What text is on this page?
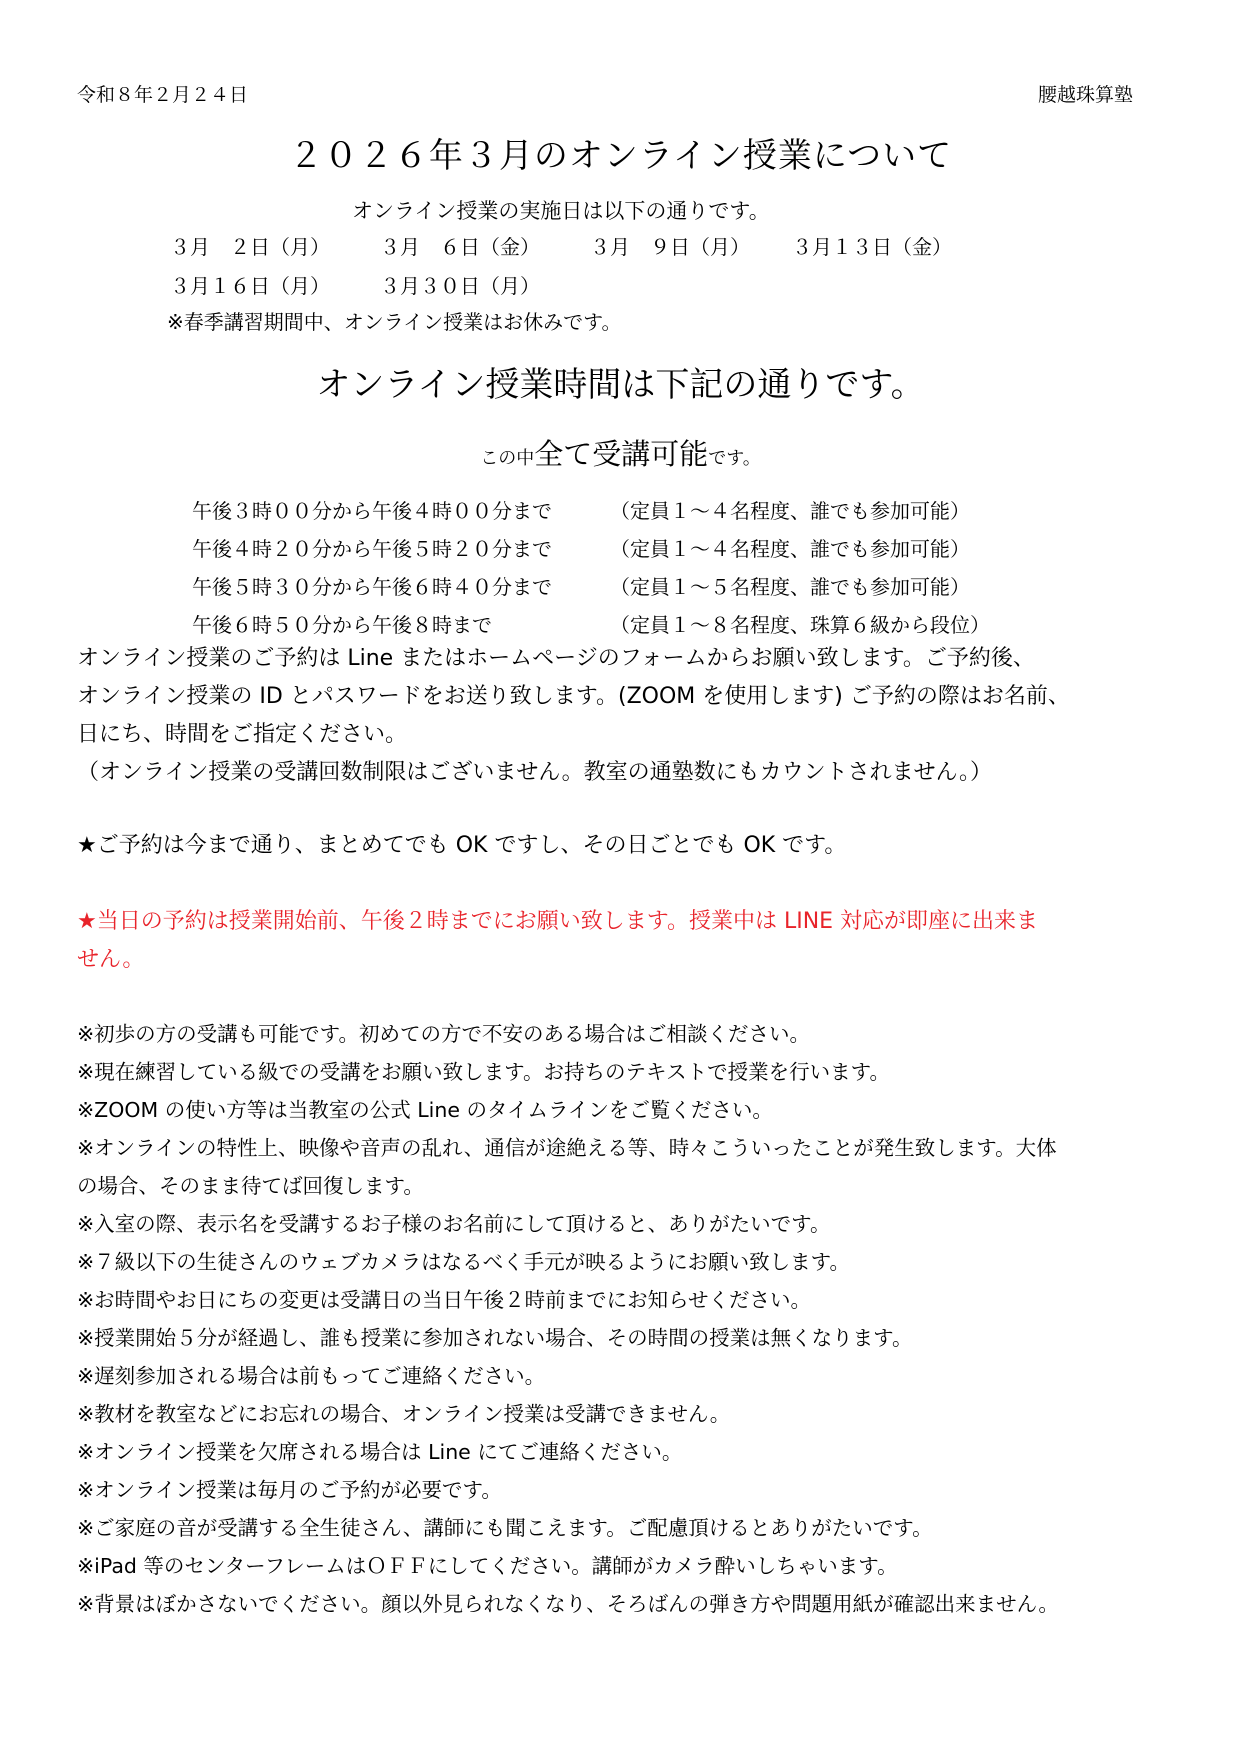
令和８年２月２４日	腰越珠算塾
２０２６年３月のオンライン授業について
オンライン授業の実施日は以下の通りです。
３月　２日（月）	３月　６日（金）	３月　９日（月） ３月１３日（金）
３月１６日（月）	３月３０日（月）
※春季講習期間中、オンライン授業はお休みです。
オンライン授業時間は下記の通りです。
この中全て受講可能です。
午後３時００分から午後４時００分まで	（定員１～４名程度、誰でも参加可能）
午後４時２０分から午後５時２０分まで	（定員１～４名程度、誰でも参加可能）
午後５時３０分から午後６時４０分まで	（定員１～５名程度、誰でも参加可能）
午後６時５０分から午後８時まで	（定員１～８名程度、珠算６級から段位）
オンライン授業のご予約は Line またはホームページのフォームからお願い致します。ご予約後、
オンライン授業の ID とパスワードをお送り致します。(ZOOM を使用します) ご予約の際はお名前、
日にち、時間をご指定ください。
（オンライン授業の受講回数制限はございません。教室の通塾数にもカウントされません。）
★ご予約は今まで通り、まとめてでも OK ですし、その日ごとでも OK です。
★当日の予約は授業開始前、午後２時までにお願い致します。授業中は LINE 対応が即座に出来ま
せん。
※初歩の方の受講も可能です。初めての方で不安のある場合はご相談ください。
※現在練習している級での受講をお願い致します。お持ちのテキストで授業を行います。
※ZOOM の使い方等は当教室の公式 Line のタイムラインをご覧ください。
※オンラインの特性上、映像や音声の乱れ、通信が途絶える等、時々こういったことが発生致します。大体
の場合、そのまま待てば回復します。
※入室の際、表示名を受講するお子様のお名前にして頂けると、ありがたいです。
※７級以下の生徒さんのウェブカメラはなるべく手元が映るようにお願い致します。
※お時間やお日にちの変更は受講日の当日午後２時前までにお知らせください。
※授業開始５分が経過し、誰も授業に参加されない場合、その時間の授業は無くなります。
※遅刻参加される場合は前もってご連絡ください。
※教材を教室などにお忘れの場合、オンライン授業は受講できません。
※オンライン授業を欠席される場合は Line にてご連絡ください。
※オンライン授業は毎月のご予約が必要です。
※ご家庭の音が受講する全生徒さん、講師にも聞こえます。ご配慮頂けるとありがたいです。
※iPad 等のセンターフレームはＯＦＦにしてください。講師がカメラ酔いしちゃいます。
※背景はぼかさないでください。顔以外見られなくなり、そろばんの弾き方や問題用紙が確認出来ません。
